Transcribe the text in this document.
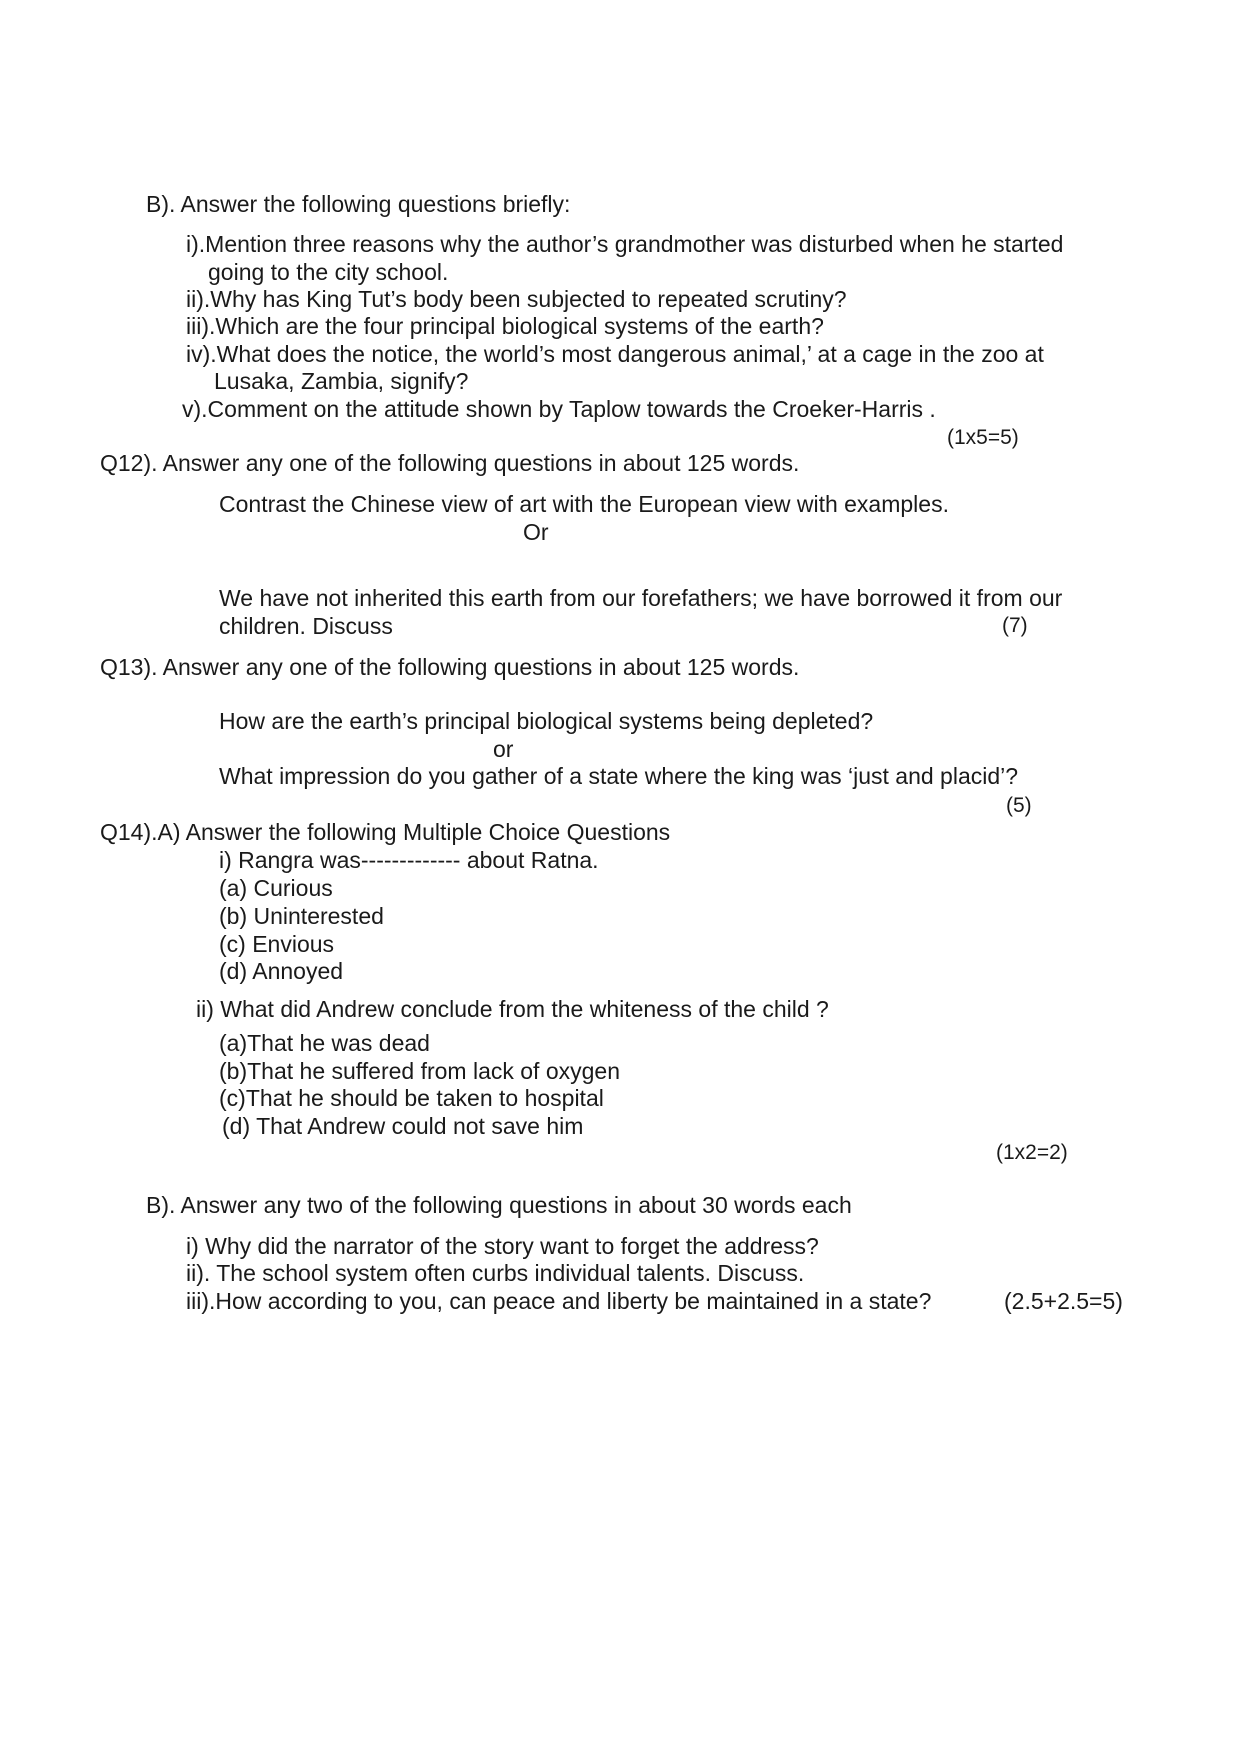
B). Answer the following questions briefly:
i).Mention three reasons why the author’s grandmother was disturbed when he started
going to the city school.
ii).Why has King Tut’s body been subjected to repeated scrutiny?
iii).Which are the four principal biological systems of the earth?
iv).What does the notice, the world’s most dangerous animal,’ at a cage in the zoo at
Lusaka, Zambia, signify?
v).Comment on the attitude shown by Taplow towards the Croeker-Harris .
(1x5=5)
Q12). Answer any one of the following questions in about 125 words.
Contrast the Chinese view of art with the European view with examples.
Or
We have not inherited this earth from our forefathers; we have borrowed it from our
children. Discuss	(7)
Q13). Answer any one of the following questions in about 125 words.
How are the earth’s principal biological systems being depleted?
or
What impression do you gather of a state where the king was ‘just and placid’?
(5)
Q14).A) Answer the following Multiple Choice Questions
i) Rangra was------------- about Ratna.
(a) Curious
(b) Uninterested
(c) Envious
(d) Annoyed
ii) What did Andrew conclude from the whiteness of the child ?
(a)That he was dead
(b)That he suffered from lack of oxygen
(c)That he should be taken to hospital
(d) That Andrew could not save him
(1x2=2)
B). Answer any two of the following questions in about 30 words each
i) Why did the narrator of the story want to forget the address?
ii). The school system often curbs individual talents. Discuss.
iii).How according to you, can peace and liberty be maintained in a state?	(2.5+2.5=5)
